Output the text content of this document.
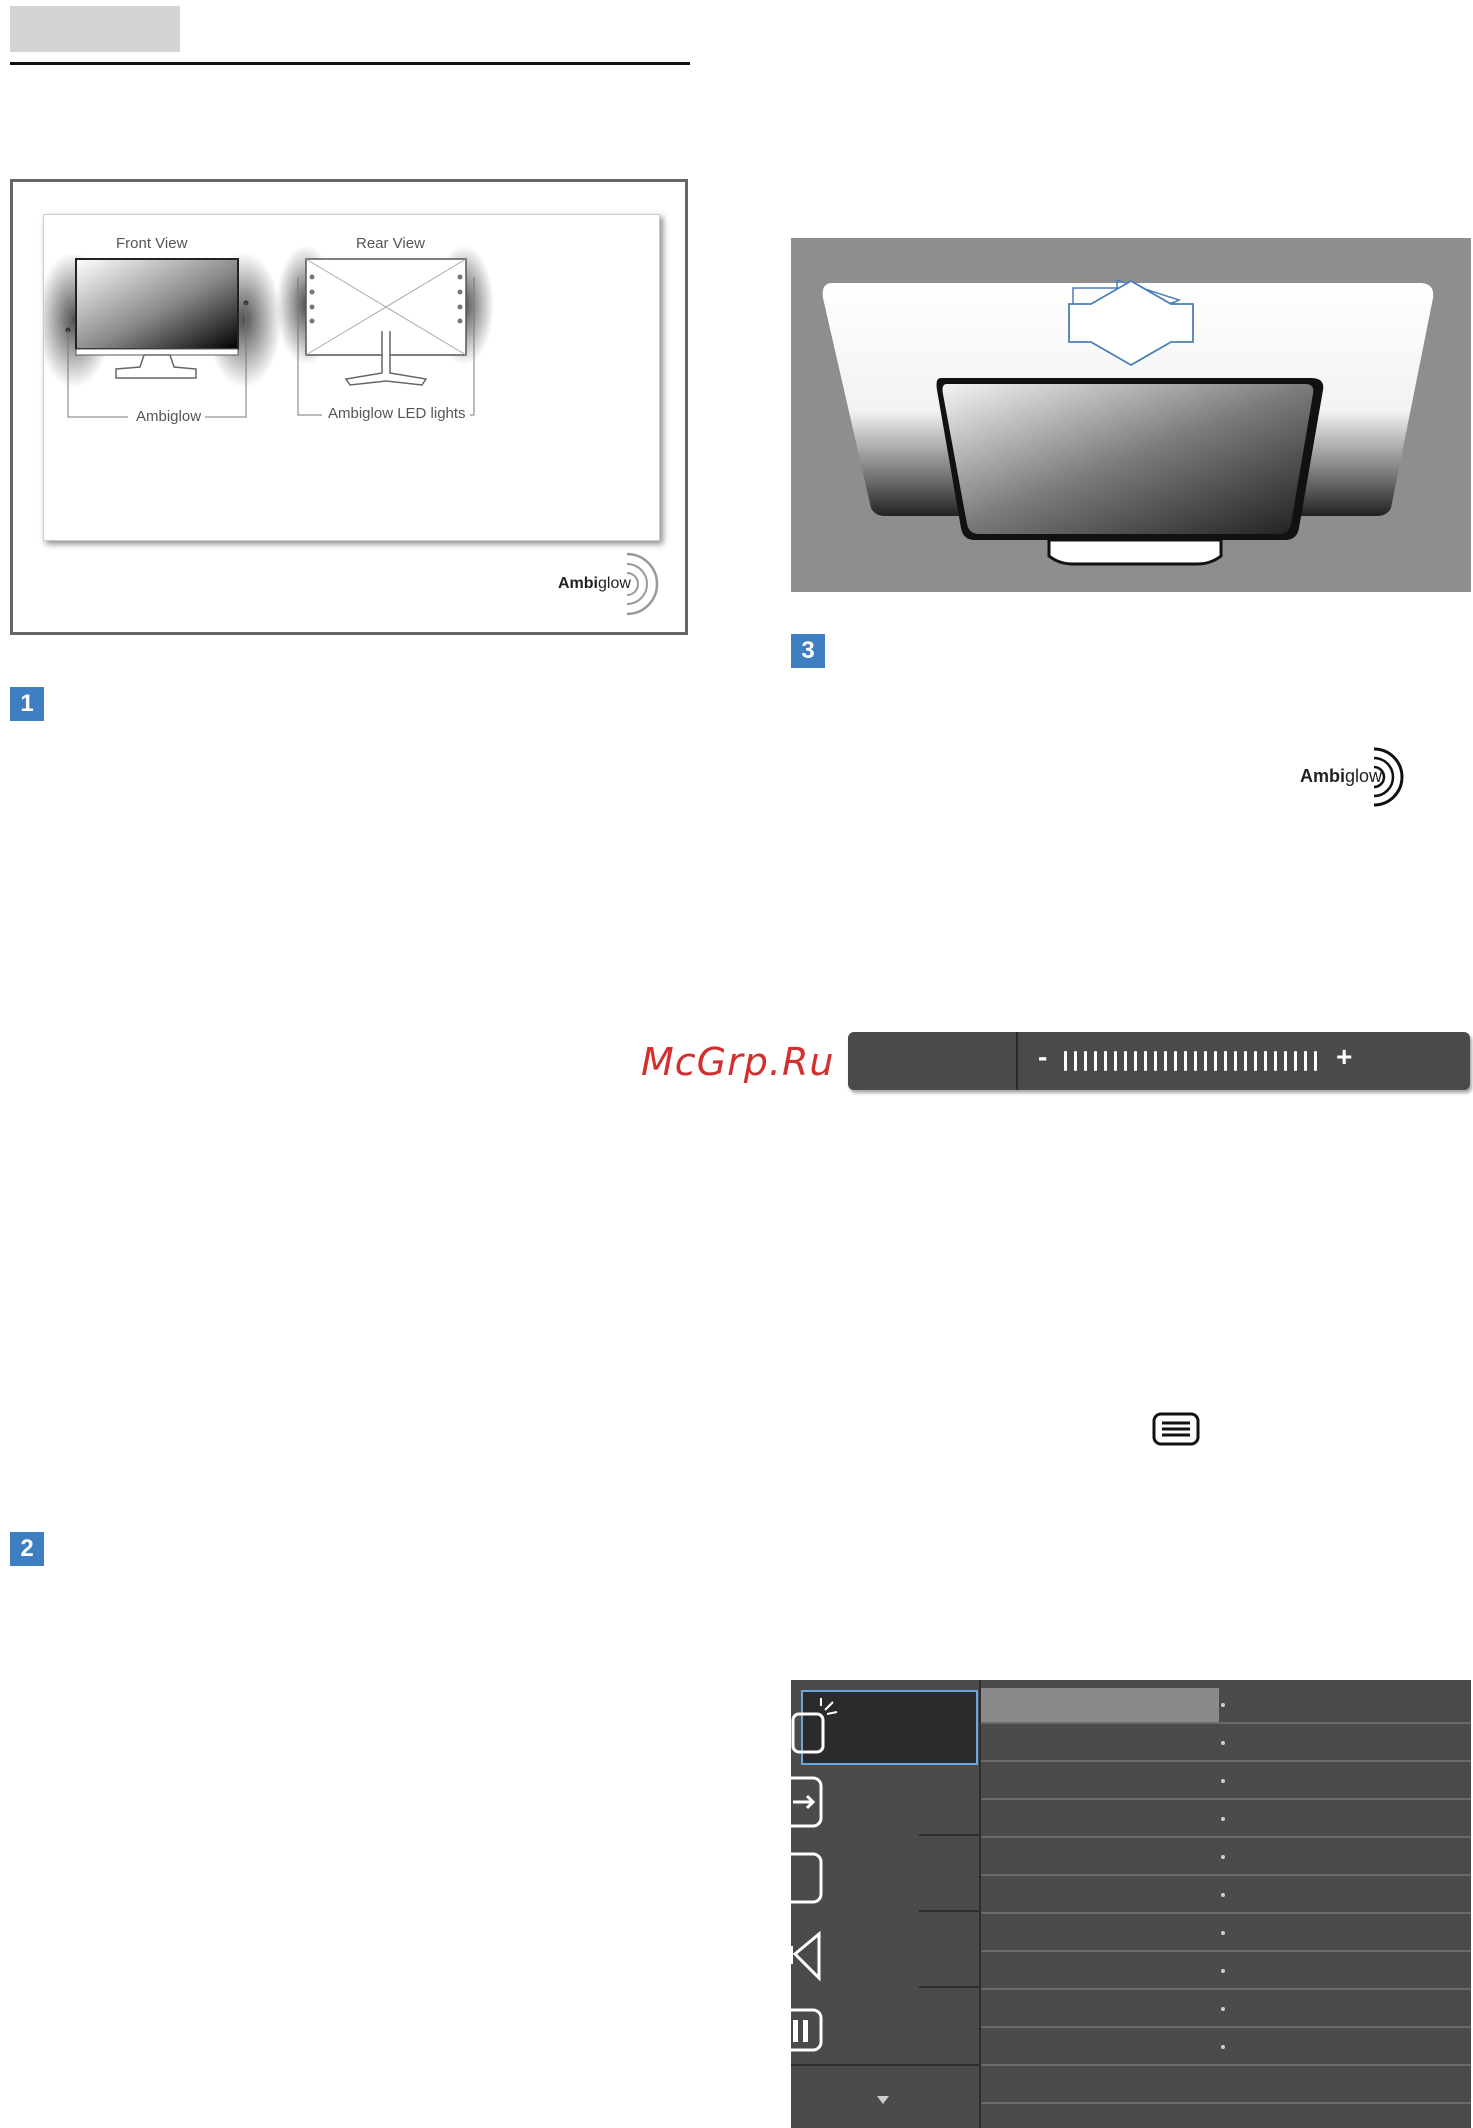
Front View	Rear View
Ambiglow	Ambiglow LED lights
Ambiglow
1
2
3
Ambiglow
McGrp.Ru	-	+
